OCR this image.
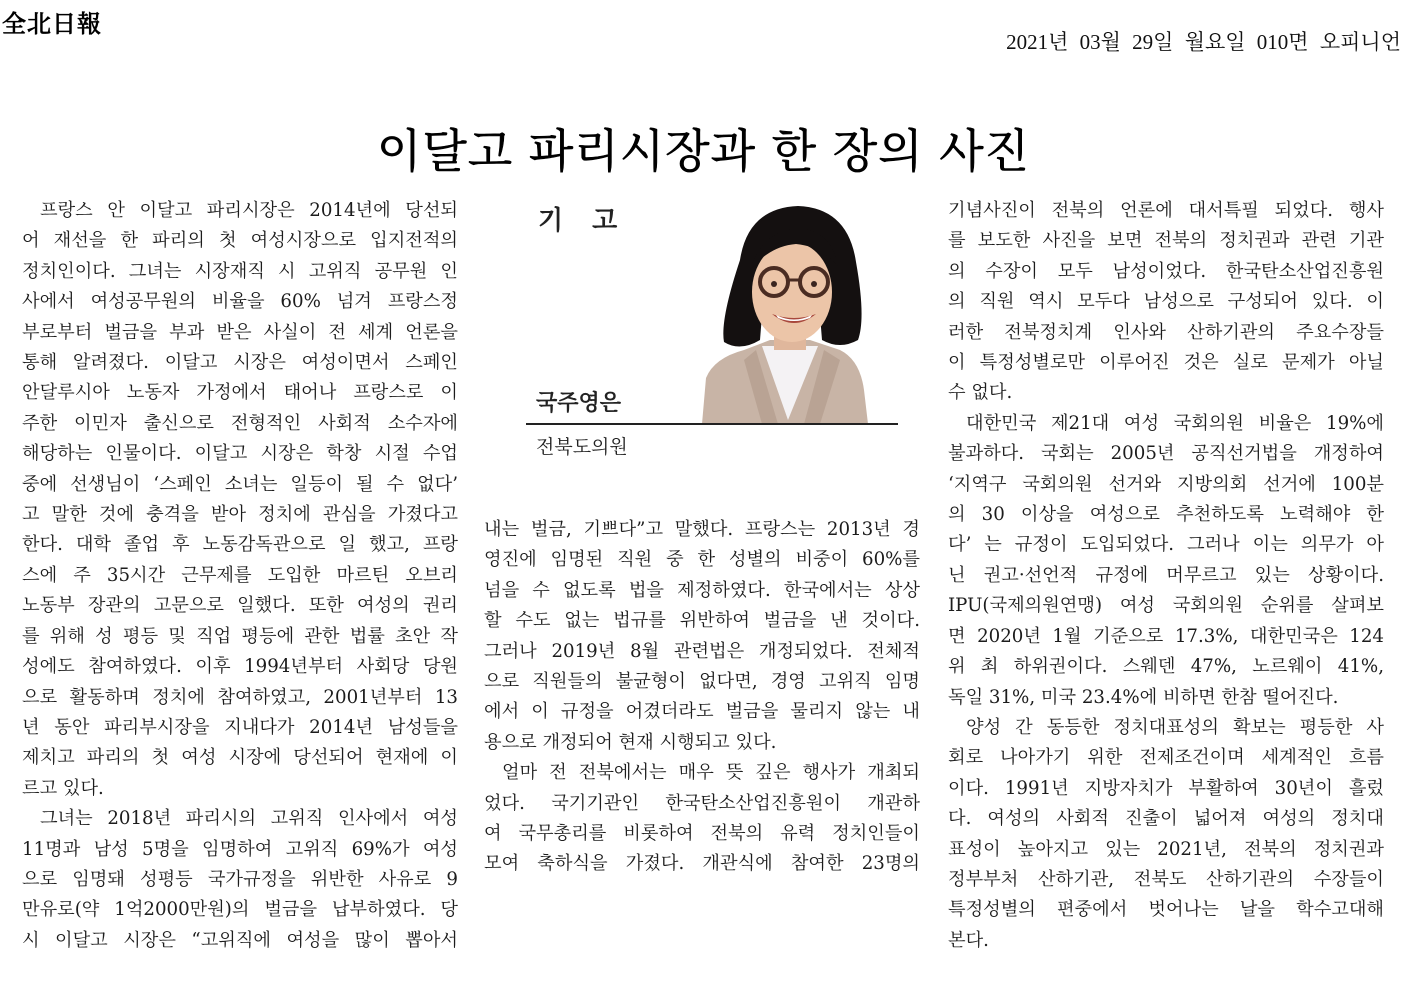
全北日報
2021년 03월 29일 월요일 010면 오피니언
이달고 파리시장과 한 장의 사진
프랑스 안 이달고 파리시장은 2014년에 당선되
어 재선을 한 파리의 첫 여성시장으로 입지전적의
정치인이다. 그녀는 시장재직 시 고위직 공무원 인
사에서 여성공무원의 비율을 60% 넘겨 프랑스정
부로부터 벌금을 부과 받은 사실이 전 세계 언론을
통해 알려졌다. 이달고 시장은 여성이면서 스페인
안달루시아 노동자 가정에서 태어나 프랑스로 이
주한 이민자 출신으로 전형적인 사회적 소수자에
해당하는 인물이다. 이달고 시장은 학창 시절 수업
중에 선생님이 ‘스페인 소녀는 일등이 될 수 없다’
고 말한 것에 충격을 받아 정치에 관심을 가졌다고
한다. 대학 졸업 후 노동감독관으로 일 했고, 프랑
스에 주 35시간 근무제를 도입한 마르틴 오브리
노동부 장관의 고문으로 일했다. 또한 여성의 권리
를 위해 성 평등 및 직업 평등에 관한 법률 초안 작
성에도 참여하였다. 이후 1994년부터 사회당 당원
으로 활동하며 정치에 참여하였고, 2001년부터 13
년 동안 파리부시장을 지내다가 2014년 남성들을
제치고 파리의 첫 여성 시장에 당선되어 현재에 이
르고 있다.
그녀는 2018년 파리시의 고위직 인사에서 여성
11명과 남성 5명을 임명하여 고위직 69%가 여성
으로 임명돼 성평등 국가규정을 위반한 사유로 9
만유로(약 1억2000만원)의 벌금을 납부하였다. 당
시 이달고 시장은 “고위직에 여성을 많이 뽑아서
기 고
국주영은
전북도의원
내는 벌금, 기쁘다”고 말했다. 프랑스는 2013년 경
영진에 임명된 직원 중 한 성별의 비중이 60%를
넘을 수 없도록 법을 제정하였다. 한국에서는 상상
할 수도 없는 법규를 위반하여 벌금을 낸 것이다.
그러나 2019년 8월 관련법은 개정되었다. 전체적
으로 직원들의 불균형이 없다면, 경영 고위직 임명
에서 이 규정을 어겼더라도 벌금을 물리지 않는 내
용으로 개정되어 현재 시행되고 있다.
얼마 전 전북에서는 매우 뜻 깊은 행사가 개최되
었다. 국기기관인 한국탄소산업진흥원이 개관하
여 국무총리를 비롯하여 전북의 유력 정치인들이
모여 축하식을 가졌다. 개관식에 참여한 23명의
기념사진이 전북의 언론에 대서특필 되었다. 행사
를 보도한 사진을 보면 전북의 정치권과 관련 기관
의 수장이 모두 남성이었다. 한국탄소산업진흥원
의 직원 역시 모두다 남성으로 구성되어 있다. 이
러한 전북정치계 인사와 산하기관의 주요수장들
이 특정성별로만 이루어진 것은 실로 문제가 아닐
수 없다.
대한민국 제21대 여성 국회의원 비율은 19%에
불과하다. 국회는 2005년 공직선거법을 개정하여
‘지역구 국회의원 선거와 지방의회 선거에 100분
의 30 이상을 여성으로 추천하도록 노력해야 한
다’ 는 규정이 도입되었다. 그러나 이는 의무가 아
닌 권고·선언적 규정에 머무르고 있는 상황이다.
IPU(국제의원연맹) 여성 국회의원 순위를 살펴보
면 2020년 1월 기준으로 17.3%, 대한민국은 124
위 최 하위권이다. 스웨덴 47%, 노르웨이 41%,
독일 31%, 미국 23.4%에 비하면 한참 떨어진다.
양성 간 동등한 정치대표성의 확보는 평등한 사
회로 나아가기 위한 전제조건이며 세계적인 흐름
이다. 1991년 지방자치가 부활하여 30년이 흘렀
다. 여성의 사회적 진출이 넓어져 여성의 정치대
표성이 높아지고 있는 2021년, 전북의 정치권과
정부부처 산하기관, 전북도 산하기관의 수장들이
특정성별의 편중에서 벗어나는 날을 학수고대해
본다.
